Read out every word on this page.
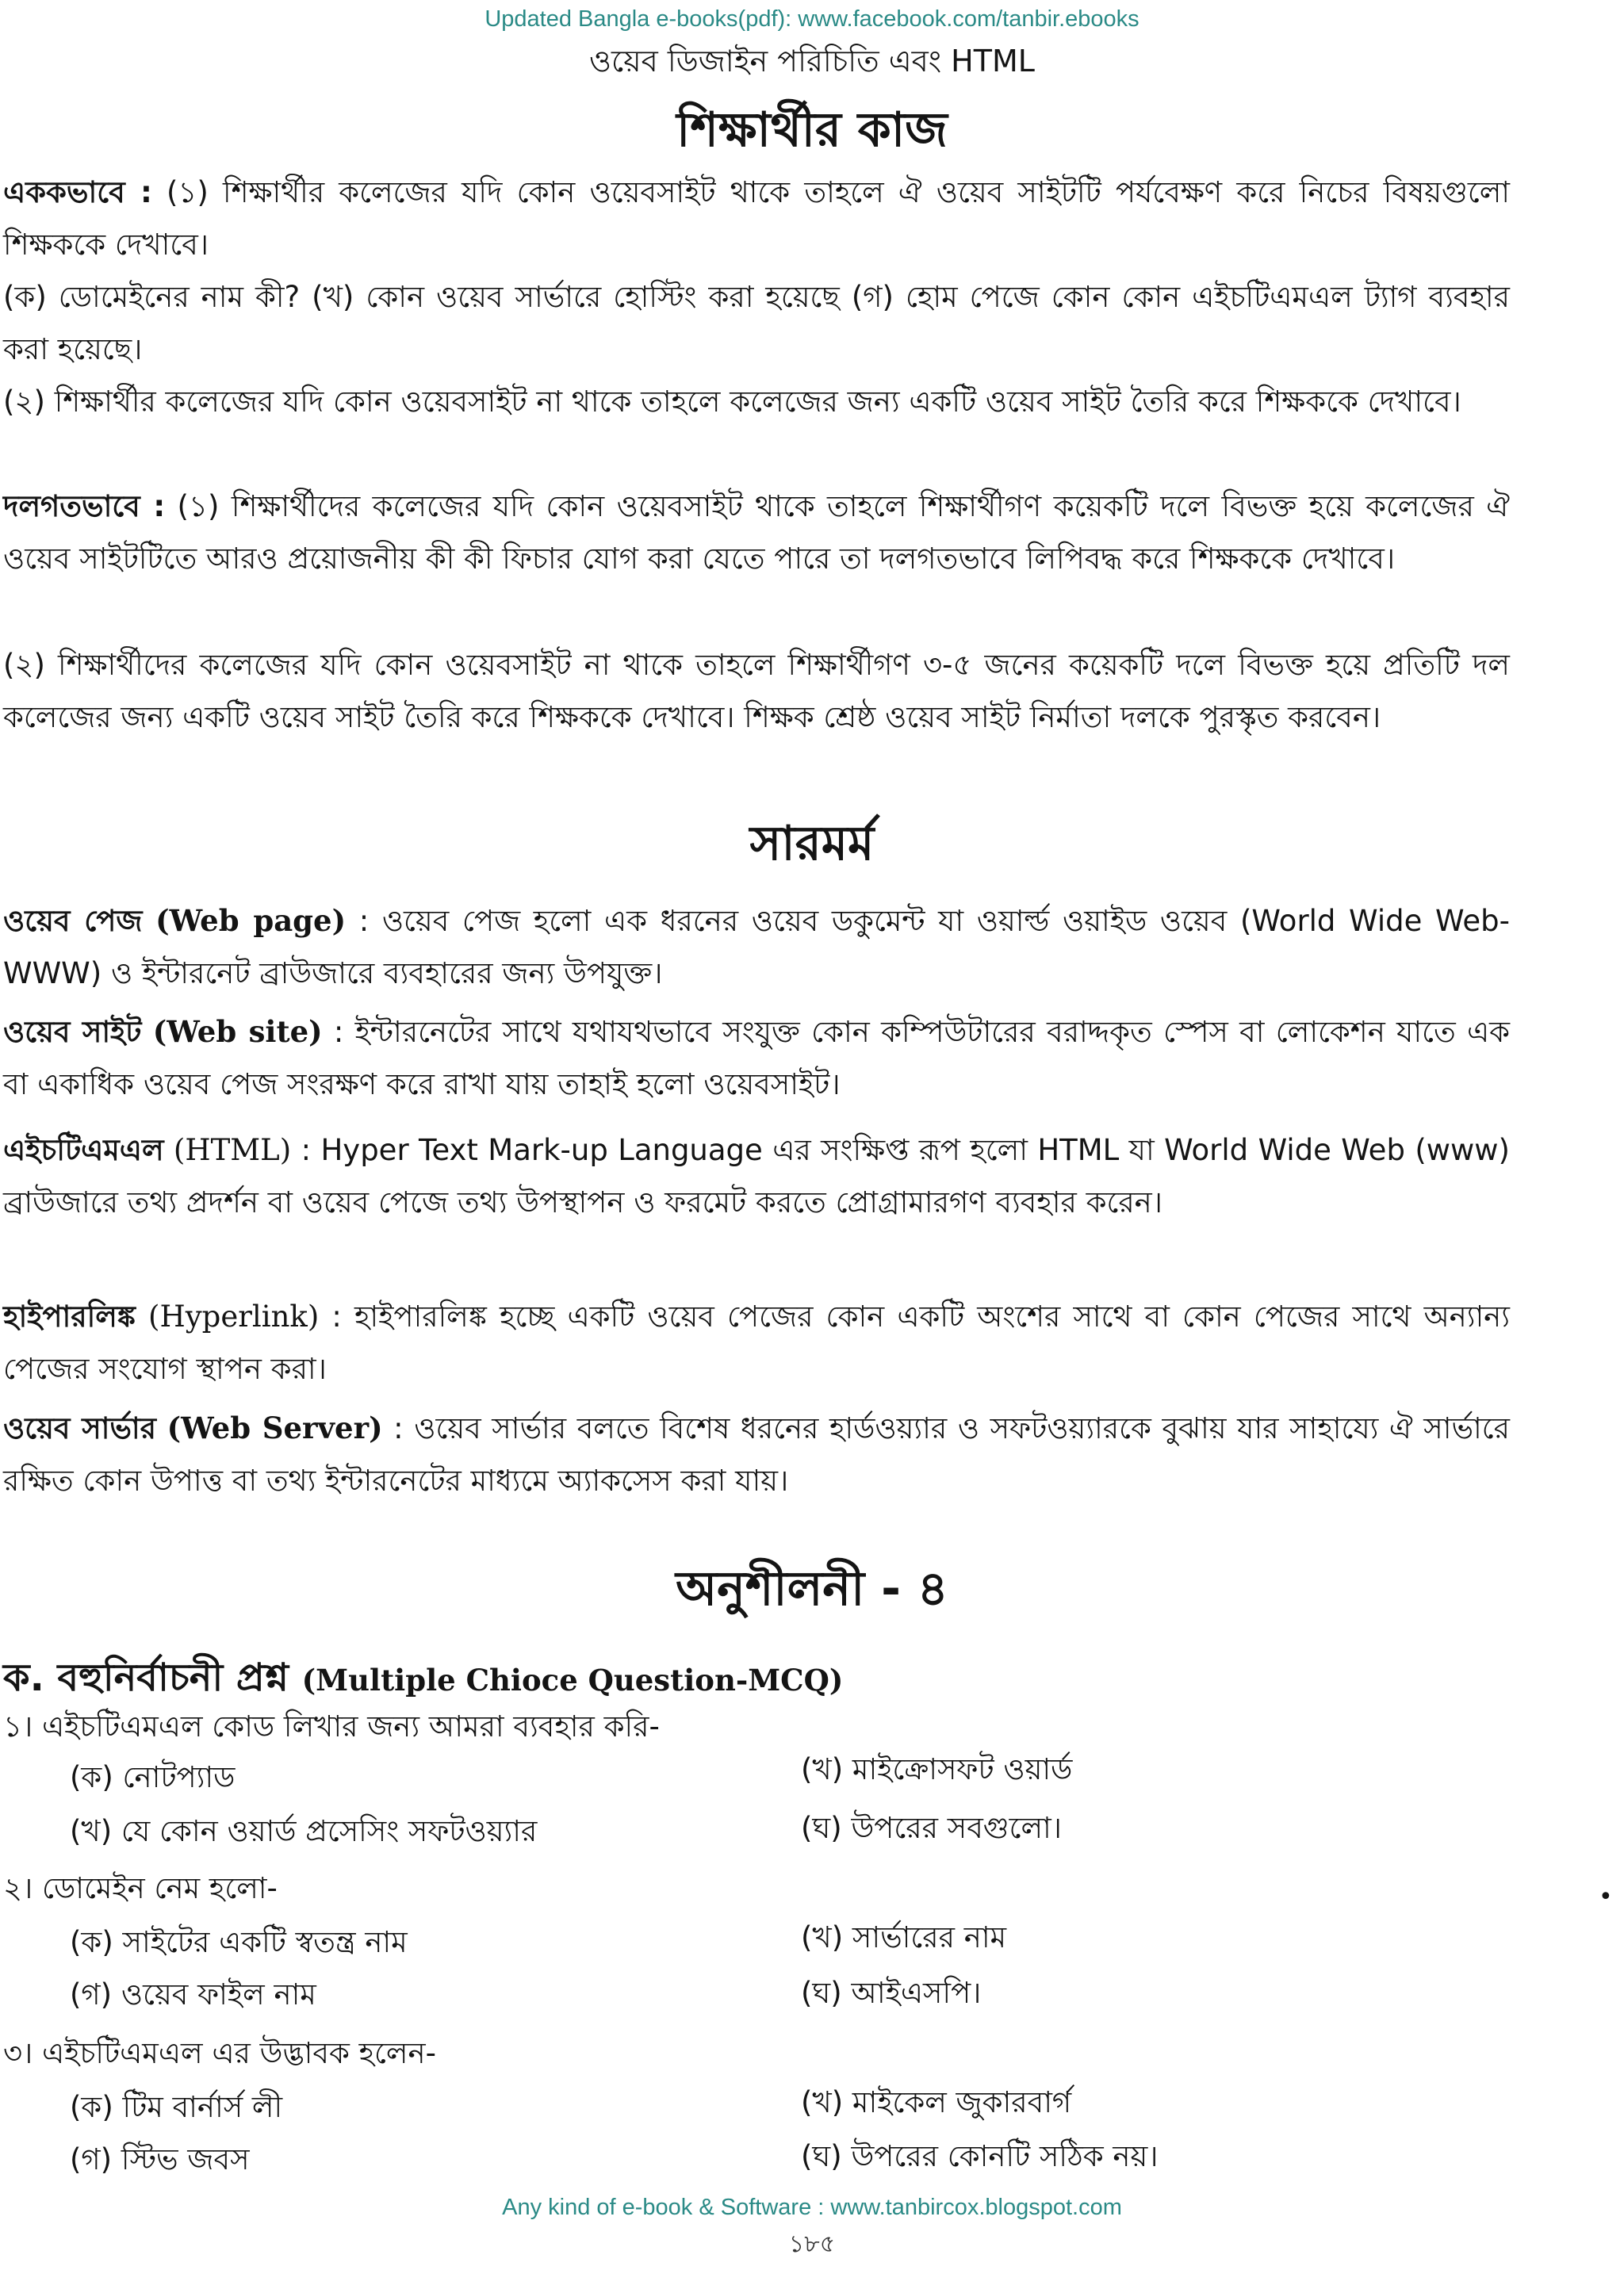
Updated Bangla e-books(pdf): www.facebook.com/tanbir.ebooks
ওয়েব ডিজাইন পরিচিতি এবং HTML
শিক্ষার্থীর কাজ
এককভাবে : (১) শিক্ষার্থীর কলেজের যদি কোন ওয়েবসাইট থাকে তাহলে ঐ ওয়েব সাইটটি পর্যবেক্ষণ করে নিচের বিষয়গুলো শিক্ষককে দেখাবে।
(ক) ডোমেইনের নাম কী? (খ) কোন ওয়েব সার্ভারে হোস্টিং করা হয়েছে (গ) হোম পেজে কোন কোন এইচটিএমএল ট্যাগ ব্যবহার করা হয়েছে।
(২) শিক্ষার্থীর কলেজের যদি কোন ওয়েবসাইট না থাকে তাহলে কলেজের জন্য একটি ওয়েব সাইট তৈরি করে শিক্ষককে দেখাবে।
দলগতভাবে : (১) শিক্ষার্থীদের কলেজের যদি কোন ওয়েবসাইট থাকে তাহলে শিক্ষার্থীগণ কয়েকটি দলে বিভক্ত হয়ে কলেজের ঐ ওয়েব সাইটটিতে আরও প্রয়োজনীয় কী কী ফিচার যোগ করা যেতে পারে তা দলগতভাবে লিপিবদ্ধ করে শিক্ষককে দেখাবে।
(২) শিক্ষার্থীদের কলেজের যদি কোন ওয়েবসাইট না থাকে তাহলে শিক্ষার্থীগণ ৩-৫ জনের কয়েকটি দলে বিভক্ত হয়ে প্রতিটি দল কলেজের জন্য একটি ওয়েব সাইট তৈরি করে শিক্ষককে দেখাবে। শিক্ষক শ্রেষ্ঠ ওয়েব সাইট নির্মাতা দলকে পুরস্কৃত করবেন।
সারমর্ম
ওয়েব পেজ (Web page) : ওয়েব পেজ হলো এক ধরনের ওয়েব ডকুমেন্ট যা ওয়ার্ল্ড ওয়াইড ওয়েব (World Wide Web-WWW) ও ইন্টারনেট ব্রাউজারে ব্যবহারের জন্য উপযুক্ত।
ওয়েব সাইট (Web site) : ইন্টারনেটের সাথে যথাযথভাবে সংযুক্ত কোন কম্পিউটারের বরাদ্দকৃত স্পেস বা লোকেশন যাতে এক বা একাধিক ওয়েব পেজ সংরক্ষণ করে রাখা যায় তাহাই হলো ওয়েবসাইট।
এইচটিএমএল (HTML) : Hyper Text Mark-up Language এর সংক্ষিপ্ত রূপ হলো HTML যা World Wide Web (www) ব্রাউজারে তথ্য প্রদর্শন বা ওয়েব পেজে তথ্য উপস্থাপন ও ফরমেট করতে প্রোগ্রামারগণ ব্যবহার করেন।
হাইপারলিঙ্ক (Hyperlink) : হাইপারলিঙ্ক হচ্ছে একটি ওয়েব পেজের কোন একটি অংশের সাথে বা কোন পেজের সাথে অন্যান্য পেজের সংযোগ স্থাপন করা।
ওয়েব সার্ভার (Web Server) : ওয়েব সার্ভার বলতে বিশেষ ধরনের হার্ডওয়্যার ও সফটওয়্যারকে বুঝায় যার সাহায্যে ঐ সার্ভারে রক্ষিত কোন উপাত্ত বা তথ্য ইন্টারনেটের মাধ্যমে অ্যাকসেস করা যায়।
অনুশীলনী - ৪
ক. বহুনির্বাচনী প্রশ্ন (Multiple Chioce Question-MCQ)
১। এইচটিএমএল কোড লিখার জন্য আমরা ব্যবহার করি-
(ক) নোটপ্যাড	(খ) মাইক্রোসফট ওয়ার্ড
(খ) যে কোন ওয়ার্ড প্রসেসিং সফটওয়্যার	(ঘ) উপরের সবগুলো।
২। ডোমেইন নেম হলো-
(ক) সাইটের একটি স্বতন্ত্র নাম	(খ) সার্ভারের নাম
(গ) ওয়েব ফাইল নাম	(ঘ) আইএসপি।
৩। এইচটিএমএল এর উদ্ভাবক হলেন-
(ক) টিম বার্নার্স লী	(খ) মাইকেল জুকারবার্গ
(গ) স্টিভ জবস	(ঘ) উপরের কোনটি সঠিক নয়।
•
Any kind of e-book & Software : www.tanbircox.blogspot.com
১৮৫
